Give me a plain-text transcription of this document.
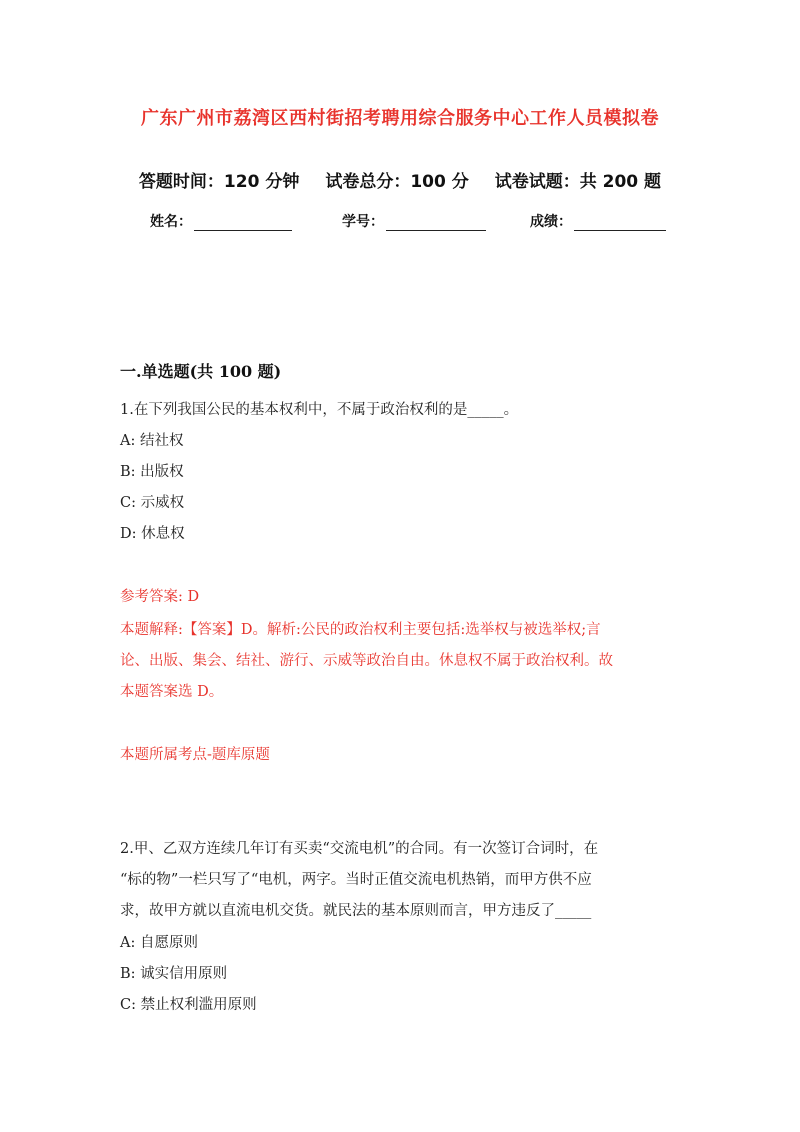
广东广州市荔湾区西村街招考聘用综合服务中心工作人员模拟卷
答题时间：120 分钟 试卷总分：100 分 试卷试题：共 200 题
姓名：	学号：	成绩：
一.单选题(共 100 题)
1.在下列我国公民的基本权利中，不属于政治权利的是_____。
A: 结社权
B: 出版权
C: 示威权
D: 休息权
参考答案: D
本题解释:【答案】D。解析:公民的政治权利主要包括:选举权与被选举权;言
论、出版、集会、结社、游行、示威等政治自由。休息权不属于政治权利。故
本题答案选 D。
本题所属考点-题库原题
2.甲、乙双方连续几年订有买卖“交流电机”的合同。有一次签订合词时，在
“标的物”一栏只写了“电机，两字。当时正值交流电机热销，而甲方供不应
求，故甲方就以直流电机交货。就民法的基本原则而言，甲方违反了_____
A: 自愿原则
B: 诚实信用原则
C: 禁止权利滥用原则
